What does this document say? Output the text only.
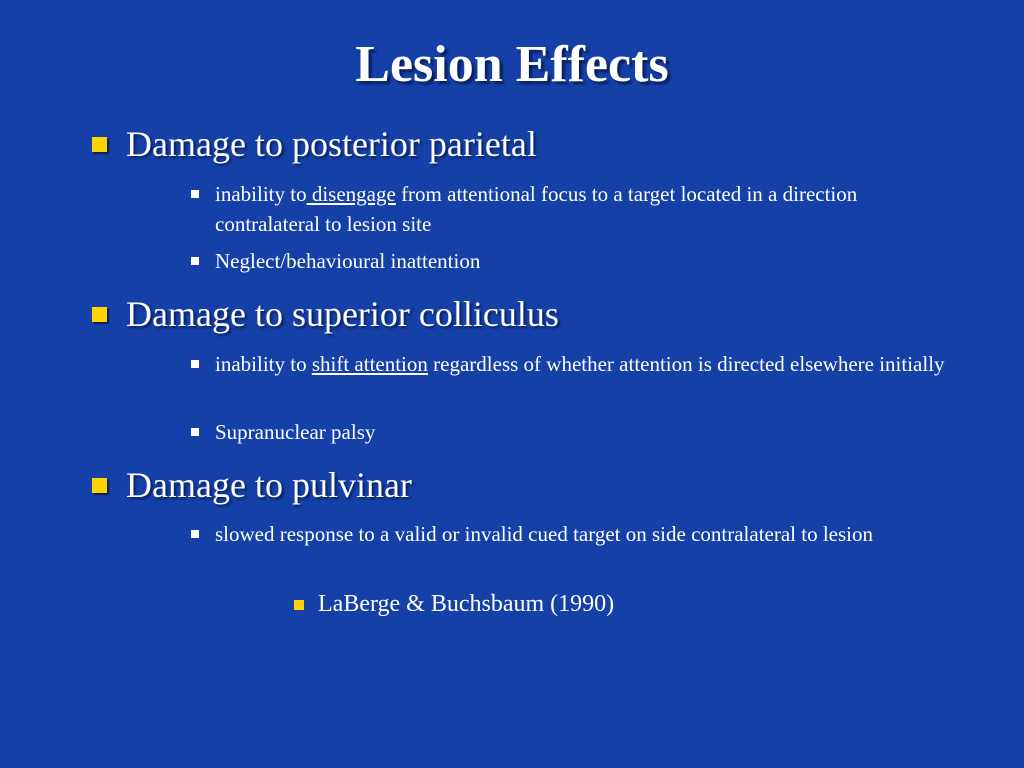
Lesion Effects
Damage to posterior parietal
inability to disengage from attentional focus to a target located in a direction contralateral to lesion site
Neglect/behavioural inattention
Damage to superior colliculus
inability to shift attention regardless of whether attention is directed elsewhere initially
Supranuclear palsy
Damage to pulvinar
slowed response to a valid or invalid cued target on side contralateral to lesion
LaBerge & Buchsbaum (1990)
